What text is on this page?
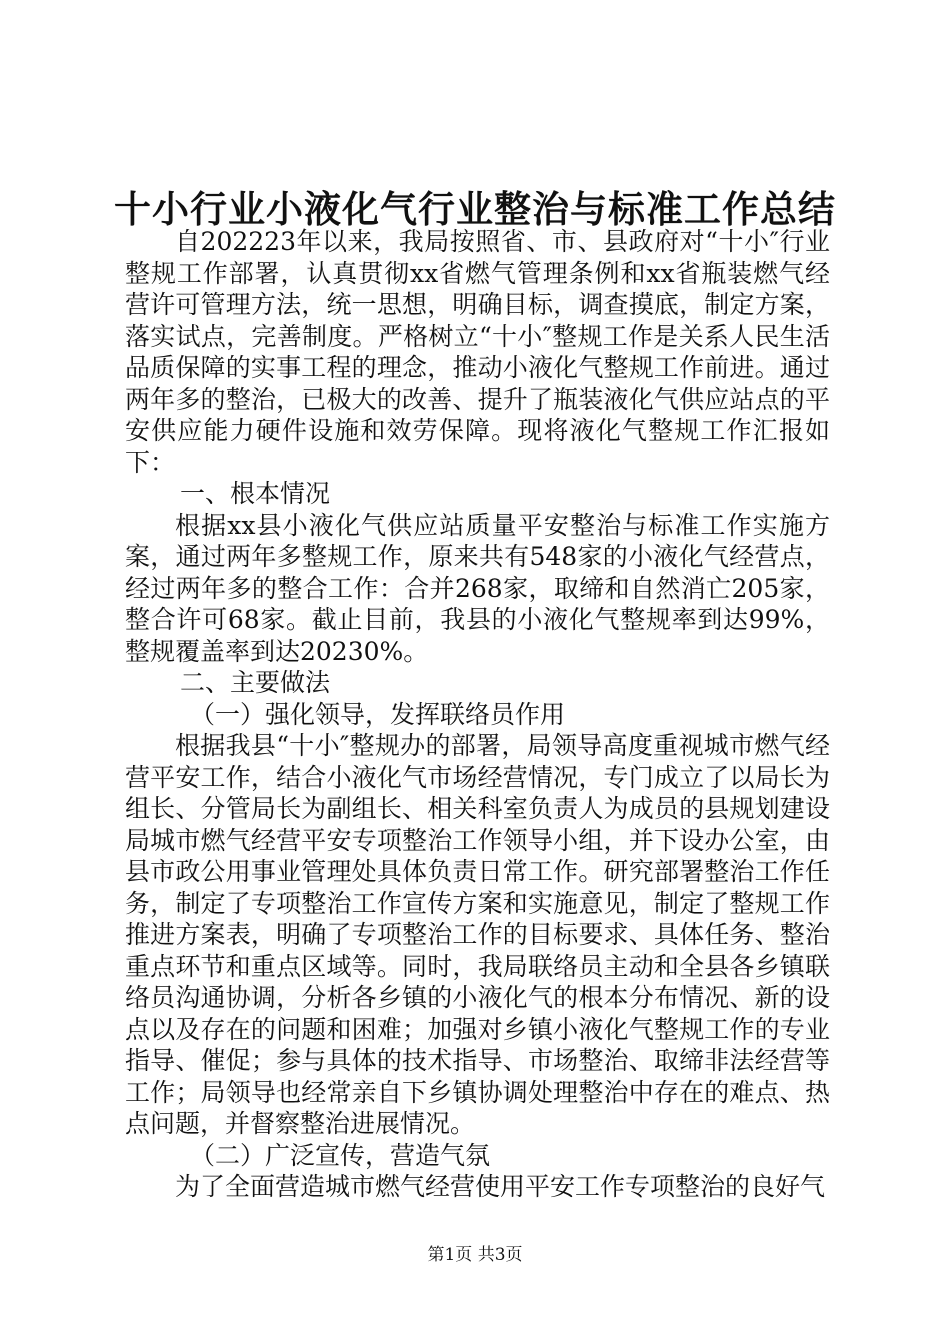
十小行业小液化气行业整治与标准工作总结

自202223年以来，我局按照省、市、县政府对“十小″行业整规工作部署，认真贯彻xx省燃气管理条例和xx省瓶装燃气经营许可管理方法，统一思想，明确目标，调查摸底，制定方案，落实试点，完善制度。严格树立“十小″整规工作是关系人民生活品质保障的实事工程的理念，推动小液化气整规工作前进。通过两年多的整治，已极大的改善、提升了瓶装液化气供应站点的平安供应能力硬件设施和效劳保障。现将液化气整规工作汇报如下：

一、根本情况

根据xx县小液化气供应站质量平安整治与标准工作实施方案，通过两年多整规工作，原来共有548家的小液化气经营点，经过两年多的整合工作：合并268家，取缔和自然消亡205家，整合许可68家。截止目前，我县的小液化气整规率到达99%，整规覆盖率到达20230%。

二、主要做法

（一）强化领导，发挥联络员作用

根据我县“十小″整规办的部署，局领导高度重视城市燃气经营平安工作，结合小液化气市场经营情况，专门成立了以局长为组长、分管局长为副组长、相关科室负责人为成员的县规划建设局城市燃气经营平安专项整治工作领导小组，并下设办公室，由县市政公用事业管理处具体负责日常工作。研究部署整治工作任务，制定了专项整治工作宣传方案和实施意见，制定了整规工作推进方案表，明确了专项整治工作的目标要求、具体任务、整治重点环节和重点区域等。同时，我局联络员主动和全县各乡镇联络员沟通协调，分析各乡镇的小液化气的根本分布情况、新的设点以及存在的问题和困难；加强对乡镇小液化气整规工作的专业指导、催促；参与具体的技术指导、市场整治、取缔非法经营等工作；局领导也经常亲自下乡镇协调处理整治中存在的难点、热点问题，并督察整治进展情况。

（二）广泛宣传，营造气氛

为了全面营造城市燃气经营使用平安工作专项整治的良好气

第1页 共3页
